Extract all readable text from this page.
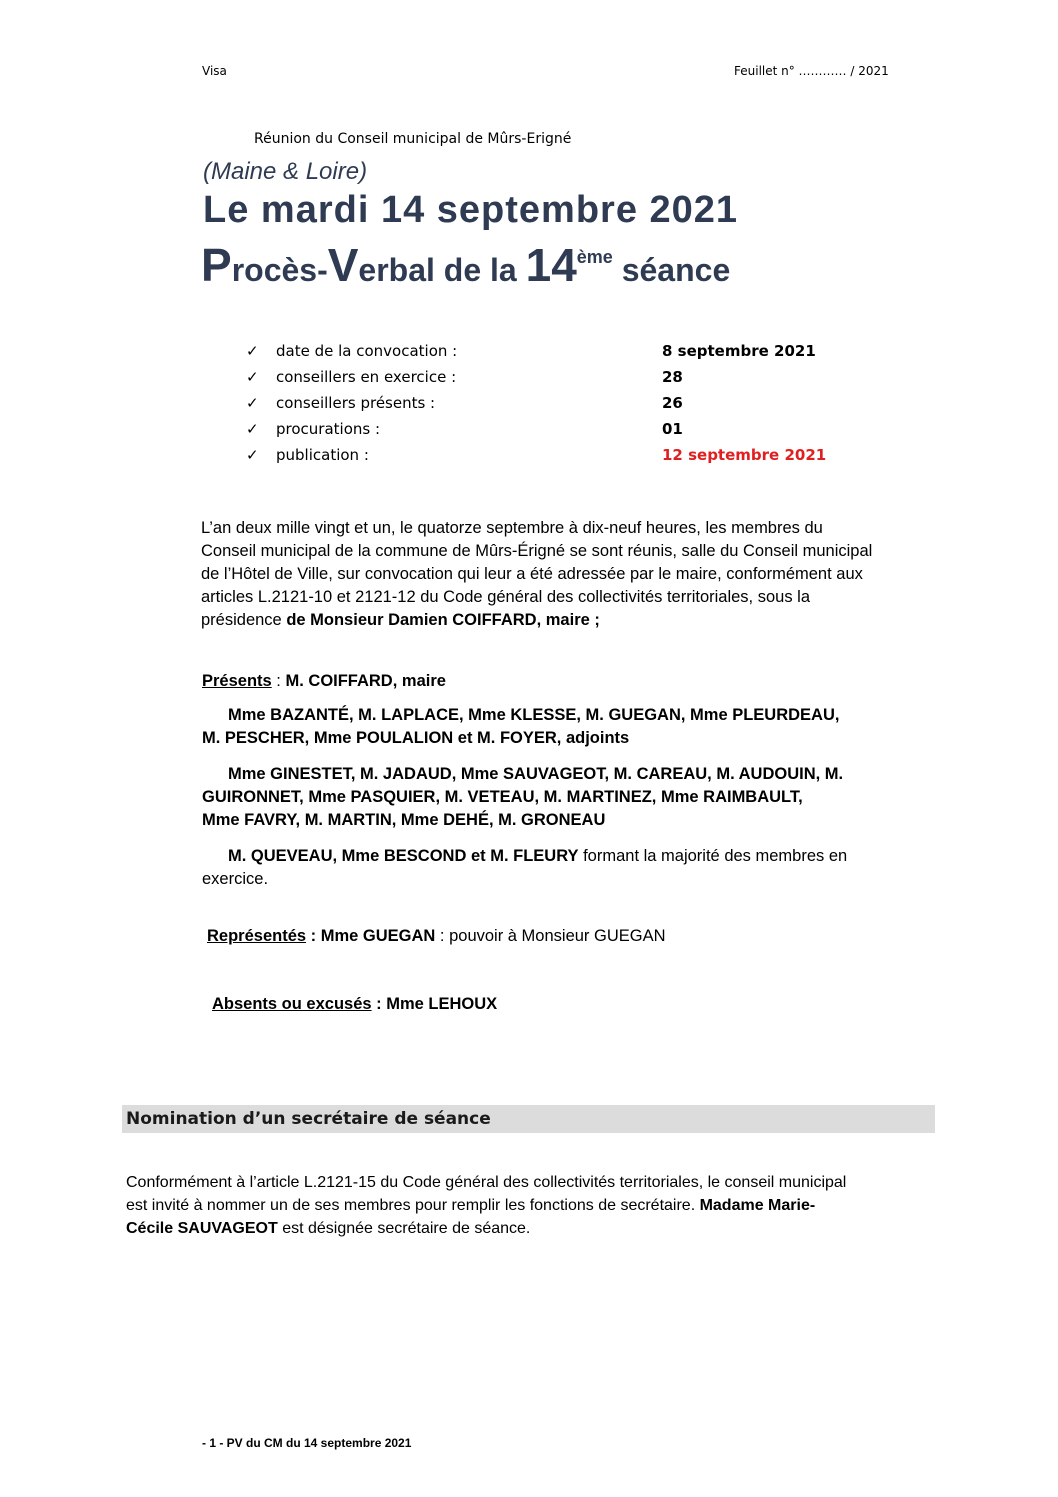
Visa	Feuillet n° ………… / 2021
Réunion du Conseil municipal de Mûrs-Erigné
(Maine & Loire)
Le mardi 14 septembre 2021
Procès-Verbal de la 14ème séance
✓	date de la convocation :	8 septembre 2021
✓	conseillers en exercice :	28
✓	conseillers présents :	26
✓	procurations :	01
✓	publication :	12 septembre 2021
L’an deux mille vingt et un, le quatorze septembre à dix-neuf heures, les membres du
Conseil municipal de la commune de Mûrs-Érigné se sont réunis, salle du Conseil municipal
de l’Hôtel de Ville, sur convocation qui leur a été adressée par le maire, conformément aux
articles L.2121-10 et 2121-12 du Code général des collectivités territoriales, sous la
présidence de Monsieur Damien COIFFARD, maire ;
Présents : M. COIFFARD, maire
Mme BAZANTÉ, M. LAPLACE, Mme KLESSE, M. GUEGAN, Mme PLEURDEAU,
M. PESCHER, Mme POULALION et M. FOYER, adjoints
Mme GINESTET, M. JADAUD, Mme SAUVAGEOT, M. CAREAU, M. AUDOUIN, M.
GUIRONNET, Mme PASQUIER, M. VETEAU, M. MARTINEZ, Mme RAIMBAULT,
Mme FAVRY, M. MARTIN, Mme DEHÉ, M. GRONEAU
M. QUEVEAU, Mme BESCOND et M. FLEURY formant la majorité des membres en
exercice.
Représentés : Mme GUEGAN : pouvoir à Monsieur GUEGAN
Absents ou excusés : Mme LEHOUX
Nomination d’un secrétaire de séance
Conformément à l’article L.2121-15 du Code général des collectivités territoriales, le conseil municipal
est invité à nommer un de ses membres pour remplir les fonctions de secrétaire. Madame Marie-
Cécile SAUVAGEOT est désignée secrétaire de séance.
- 1 - PV du CM du 14 septembre 2021
